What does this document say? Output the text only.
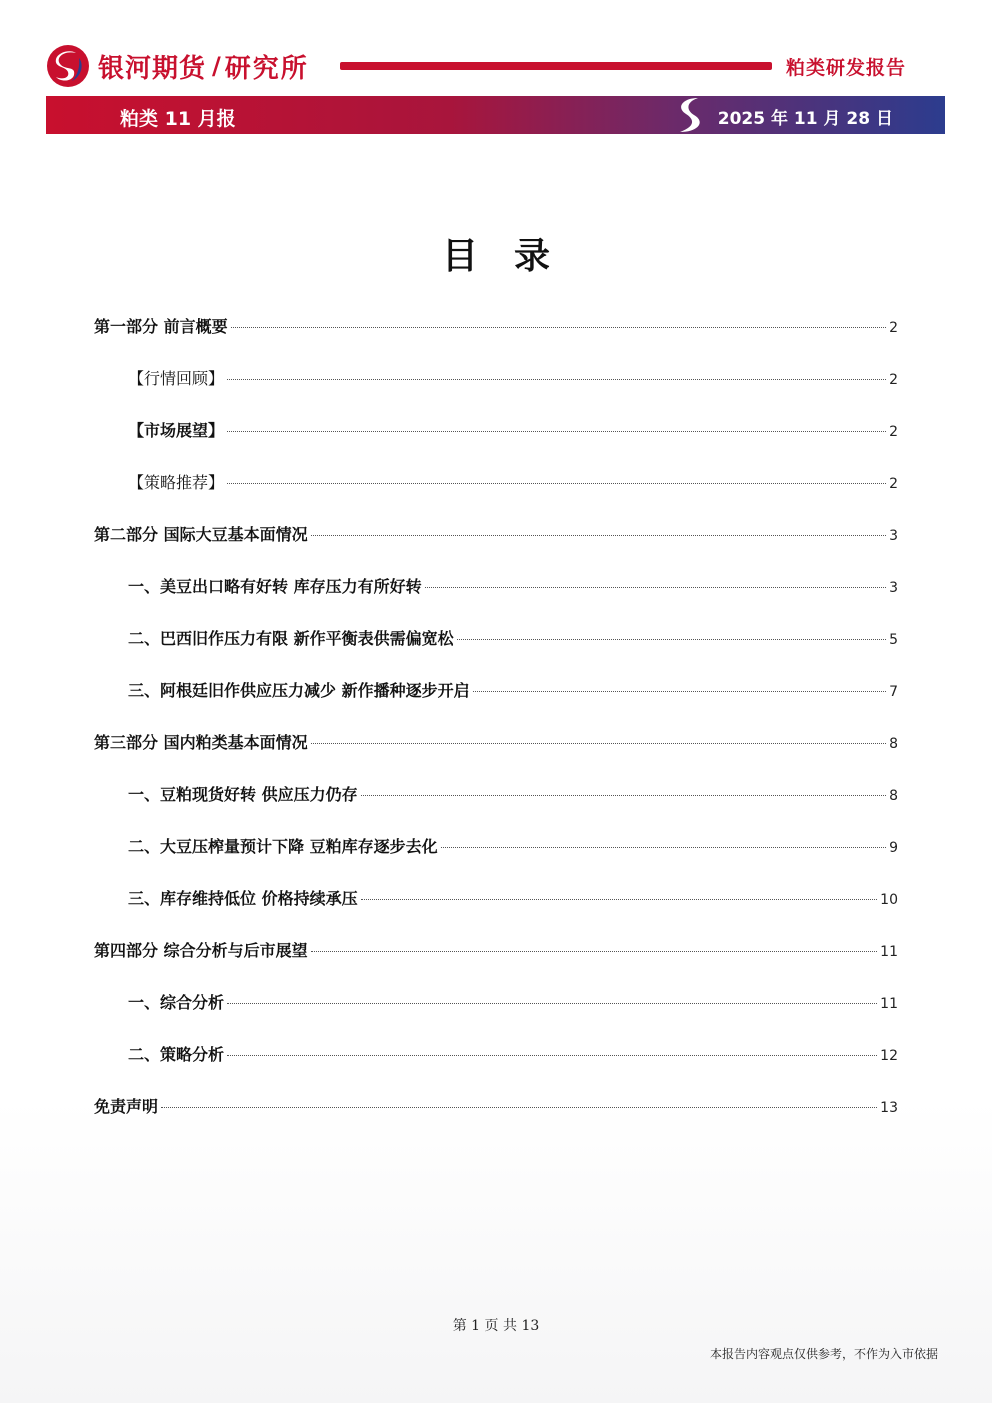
银河期货 / 研究所	粕类研发报告
粕类 11 月报	2025 年 11 月 28 日
目录
第一部分 前言概要	2
【行情回顾】	2
【市场展望】	2
【策略推荐】	2
第二部分 国际大豆基本面情况	3
一、美豆出口略有好转 库存压力有所好转	3
二、巴西旧作压力有限 新作平衡表供需偏宽松	5
三、阿根廷旧作供应压力减少 新作播种逐步开启	7
第三部分 国内粕类基本面情况	8
一、豆粕现货好转 供应压力仍存	8
二、大豆压榨量预计下降 豆粕库存逐步去化	9
三、库存维持低位 价格持续承压	10
第四部分 综合分析与后市展望	11
一、综合分析	11
二、策略分析	12
免责声明	13
第 1 页 共 13
本报告内容观点仅供参考，不作为入市依据
